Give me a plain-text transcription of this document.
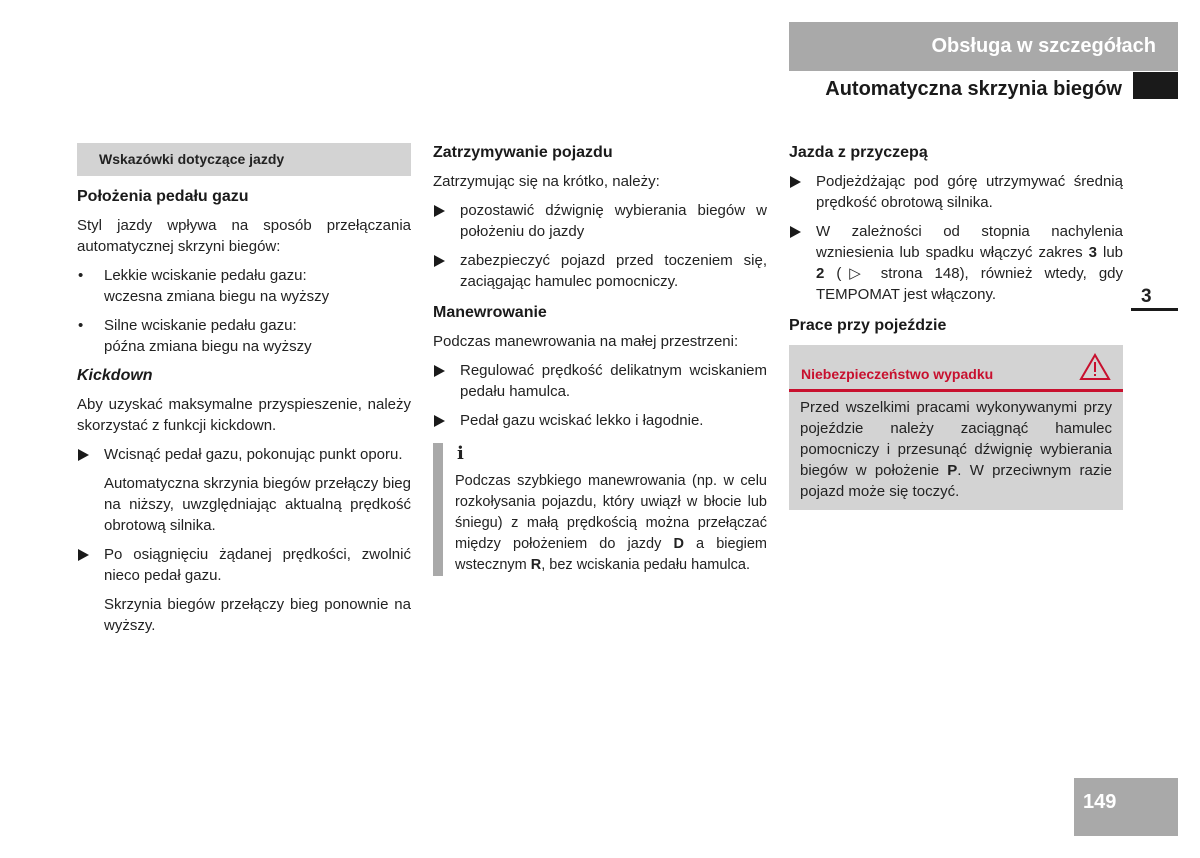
Obsługa w szczegółach
Automatyczna skrzynia biegów
3
149
Wskazówki dotyczące jazdy
Położenia pedału gazu

Styl jazdy wpływa na sposób przełączania automatycznej skrzyni biegów:

• Lekkie wciskanie pedału gazu:
wczesna zmiana biegu na wyższy
• Silne wciskanie pedału gazu:
późna zmiana biegu na wyższy
Kickdown

Aby uzyskać maksymalne przyspieszenie, należy skorzystać z funkcji kickdown.

Wcisnąć pedał gazu, pokonując punkt oporu.

Automatyczna skrzynia biegów przełączy bieg na niższy, uwzględniając aktualną prędkość obrotową silnika.

Po osiągnięciu żądanej prędkości, zwolnić nieco pedał gazu.

Skrzynia biegów przełączy bieg ponownie na wyższy.

Zatrzymywanie pojazdu

Zatrzymując się na krótko, należy:

pozostawić dźwignię wybierania biegów w położeniu do jazdy
zabezpieczyć pojazd przed toczeniem się, zaciągając hamulec pomocniczy.
Manewrowanie

Podczas manewrowania na małej przestrzeni:

Regulować prędkość delikatnym wciskaniem pedału hamulca.
Pedał gazu wciskać lekko i łagodnie.
i

Podczas szybkiego manewrowania (np. w celu rozkołysania pojazdu, który uwiązł w błocie lub śniegu) z małą prędkością można przełączać między położeniem do jazdy D a biegiem wstecznym R, bez wciskania pedału hamulca.

Jazda z przyczepą
Podjeżdżając pod górę utrzymywać średnią prędkość obrotową silnika.
W zależności od stopnia nachylenia wzniesienia lub spadku włączyć zakres 3 lub 2 (▷ strona 148), również wtedy, gdy TEMPOMAT jest włączony.
Prace przy pojeździe
Niebezpieczeństwo wypadku

Przed wszelkimi pracami wykonywanymi przy pojeździe należy zaciągnąć hamulec pomocniczy i przesunąć dźwignię wybierania biegów w położenie P. W przeciwnym razie pojazd może się toczyć.
